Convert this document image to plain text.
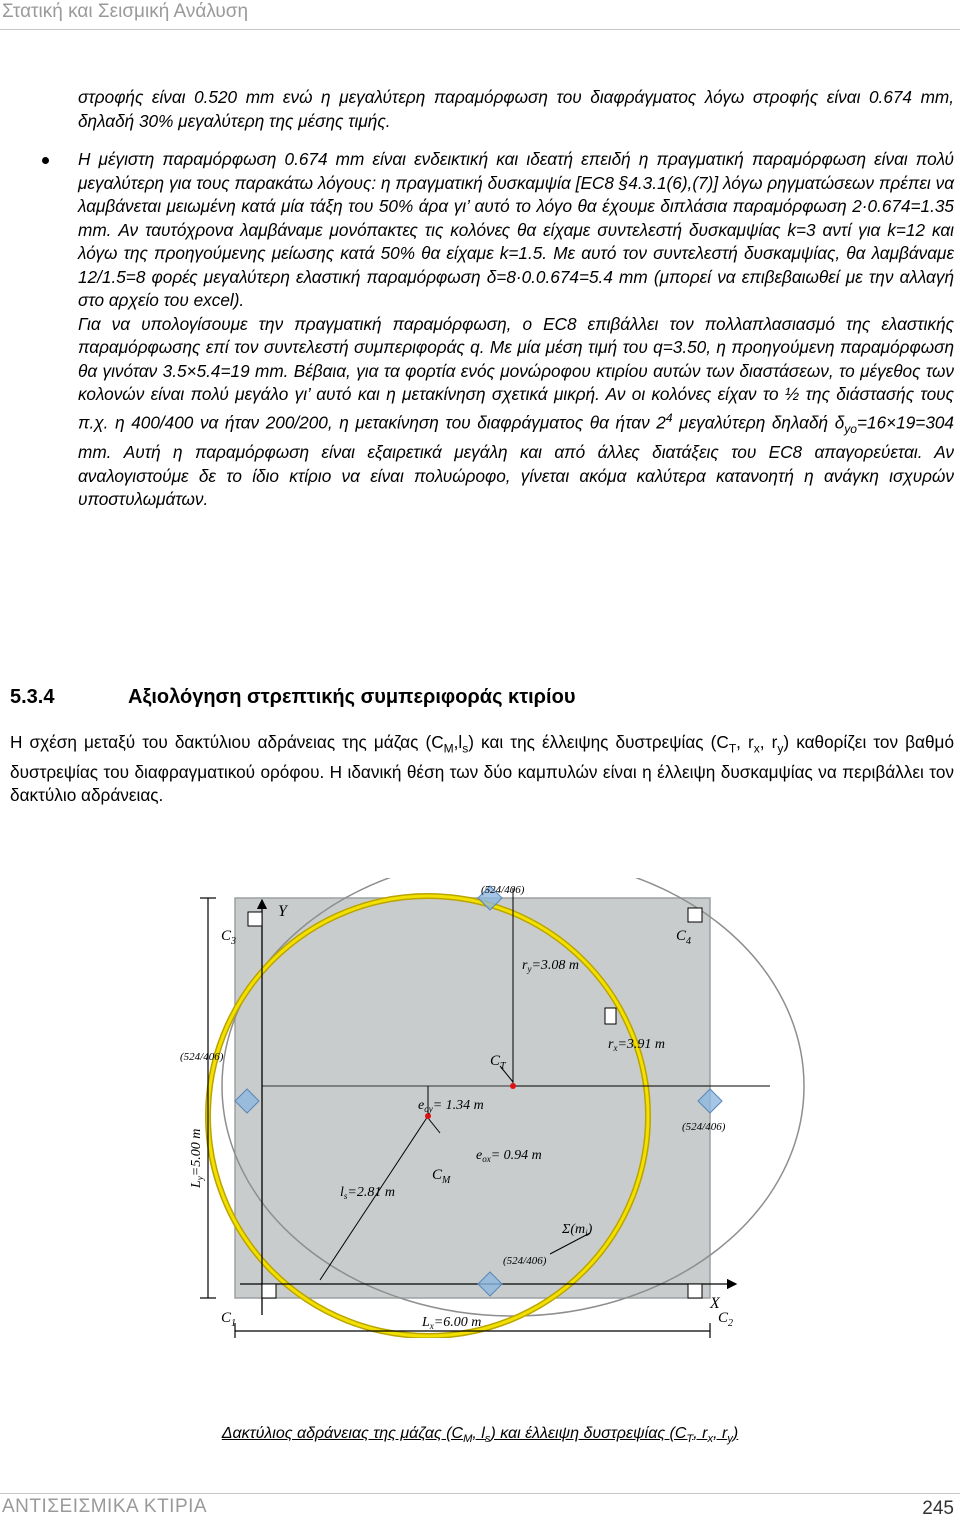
Στατική και Σεισμική Ανάλυση
στροφής είναι 0.520 mm ενώ η μεγαλύτερη παραμόρφωση του διαφράγματος λόγω στροφής είναι 0.674 mm, δηλαδή 30% μεγαλύτερη της μέσης τιμής.
Η μέγιστη παραμόρφωση 0.674 mm είναι ενδεικτική και ιδεατή επειδή η πραγματική παραμόρφωση είναι πολύ μεγαλύτερη για τους παρακάτω λόγους: η πραγματική δυσκαμψία [EC8 §4.3.1(6),(7)] λόγω ρηγματώσεων πρέπει να λαμβάνεται μειωμένη κατά μία τάξη του 50% άρα γι’ αυτό το λόγο θα έχουμε διπλάσια παραμόρφωση 2·0.674=1.35 mm. Αν ταυτόχρονα λαμβάναμε μονόπακτες τις κολόνες θα είχαμε συντελεστή δυσκαμψίας k=3 αντί για k=12 και λόγω της προηγούμενης μείωσης κατά 50% θα είχαμε k=1.5. Με αυτό τον συντελεστή δυσκαμψίας, θα λαμβάναμε 12/1.5=8 φορές μεγαλύτερη ελαστική παραμόρφωση δ=8·0.0.674=5.4 mm (μπορεί να επιβεβαιωθεί με την αλλαγή στο αρχείο του excel).
Για να υπολογίσουμε την πραγματική παραμόρφωση, ο EC8 επιβάλλει τον πολλαπλασιασμό της ελαστικής παραμόρφωσης επί τον συντελεστή συμπεριφοράς q. Με μία μέση τιμή του q=3.50, η προηγούμενη παραμόρφωση θα γινόταν 3.5×5.4=19 mm. Βέβαια, για τα φορτία ενός μονώροφου κτιρίου αυτών των διαστάσεων, το μέγεθος των κολονών είναι πολύ μεγάλο γι’ αυτό και η μετακίνηση σχετικά μικρή. Αν οι κολόνες είχαν το ½ της διάστασής τους π.χ. η 400/400 να ήταν 200/200, η μετακίνηση του διαφράγματος θα ήταν $2^4$ μεγαλύτερη δηλαδή $\delta_{yo}=16\times 19=304$ mm. Αυτή η παραμόρφωση είναι εξαιρετικά μεγάλη και από άλλες διατάξεις του EC8 απαγορεύεται. Αν αναλογιστούμε δε το ίδιο κτίριο να είναι πολυώροφο, γίνεται ακόμα καλύτερα κατανοητή η ανάγκη ισχυρών υποστυλωμάτων.
5.3.4	Αξιολόγηση στρεπτικής συμπεριφοράς κτιρίου
Η σχέση μεταξύ του δακτύλιου αδράνειας της μάζας $(C_M,l_s)$ και της έλλειψης δυστρεψίας ($C_T$, $r_x$, $r_y$) καθορίζει τον βαθμό δυστρεψίας του διαφραγματικού ορόφου. Η ιδανική θέση των δύο καμπυλών είναι η έλλειψη δυσκαμψίας να περιβάλλει τον δακτύλιο αδράνειας.
Y
X
$C_3$	$C_4$
$C_1$	$C_2$
(524/406)
(524/406)
(524/406)
(524/406)
$r_y=3.08$ m
$r_x=3.91$ m
$C_T$
$e_{oy}= 1.34$ m
$e_{ox}= 0.94$ m
$C_M$
$l_s=2.81$ m
$\Sigma(m_i)$
$L_y=5.00$ m
$L_x=6.00$ m
Δακτύλιος αδράνειας της μάζας ($C_M$, $l_s$) και έλλειψη δυστρεψίας ($C_T$, $r_x$, $r_y$)
ΑΝΤΙΣΕΙΣΜΙΚΑ ΚΤΙΡΙΑ	245
